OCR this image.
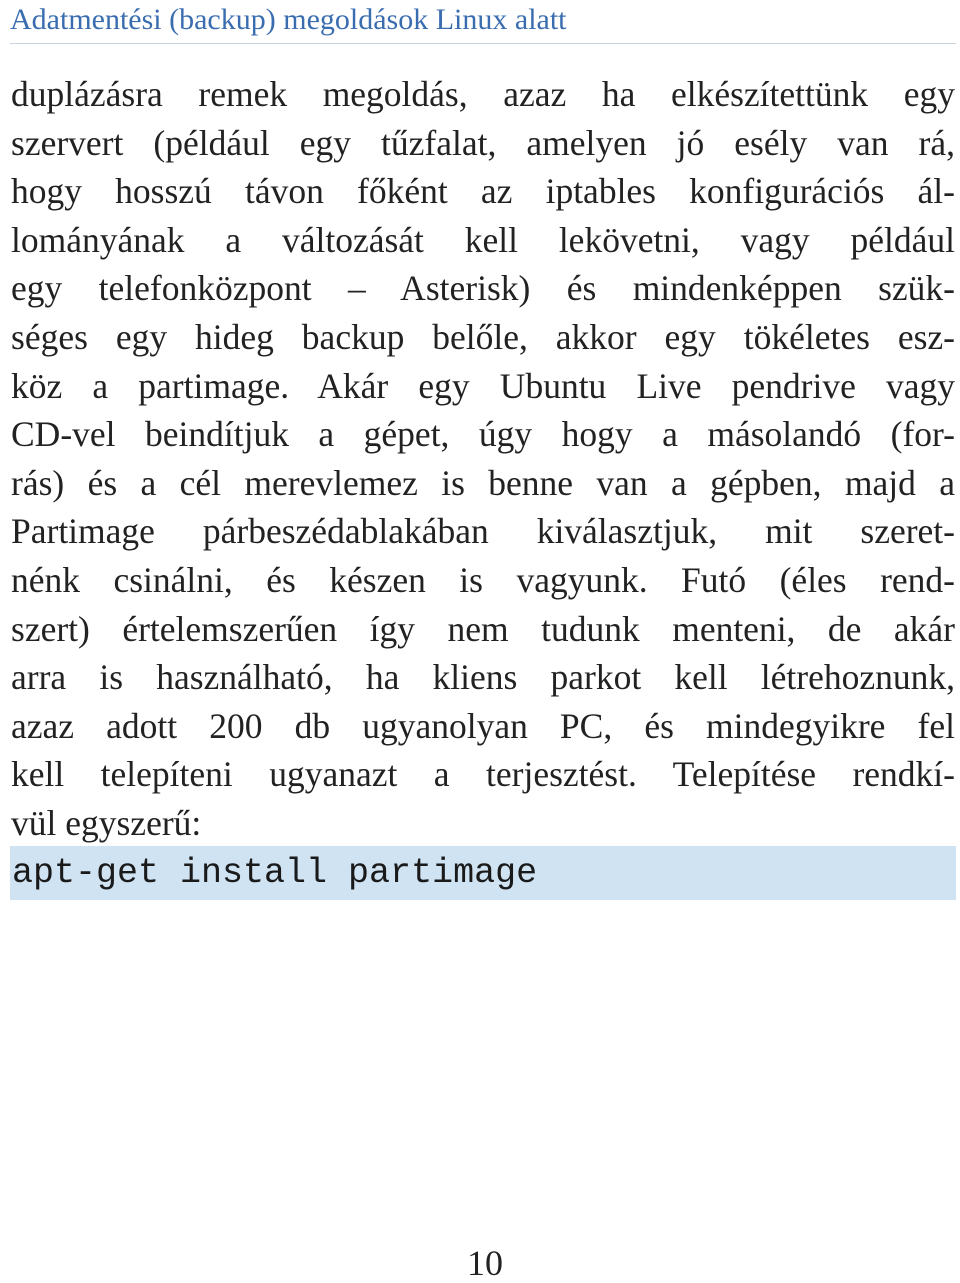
Adatmentési (backup) megoldások Linux alatt
duplázásra remek megoldás, azaz ha elkészítettünk egy
szervert (például egy tűzfalat, amelyen jó esély van rá,
hogy hosszú távon főként az iptables konfigurációs ál-
lományának a változását kell lekövetni, vagy például
egy telefonközpont – Asterisk) és mindenképpen szük-
séges egy hideg backup belőle, akkor egy tökéletes esz-
köz a partimage. Akár egy Ubuntu Live pendrive vagy
CD-vel beindítjuk a gépet, úgy hogy a másolandó (for-
rás) és a cél merevlemez is benne van a gépben, majd a
Partimage párbeszédablakában kiválasztjuk, mit szeret-
nénk csinálni, és készen is vagyunk. Futó (éles rend-
szert) értelemszerűen így nem tudunk menteni, de akár
arra is használható, ha kliens parkot kell létrehoznunk,
azaz adott 200 db ugyanolyan PC, és mindegyikre fel
kell telepíteni ugyanazt a terjesztést. Telepítése rendkí-
vül egyszerű:
apt-get install partimage
10
